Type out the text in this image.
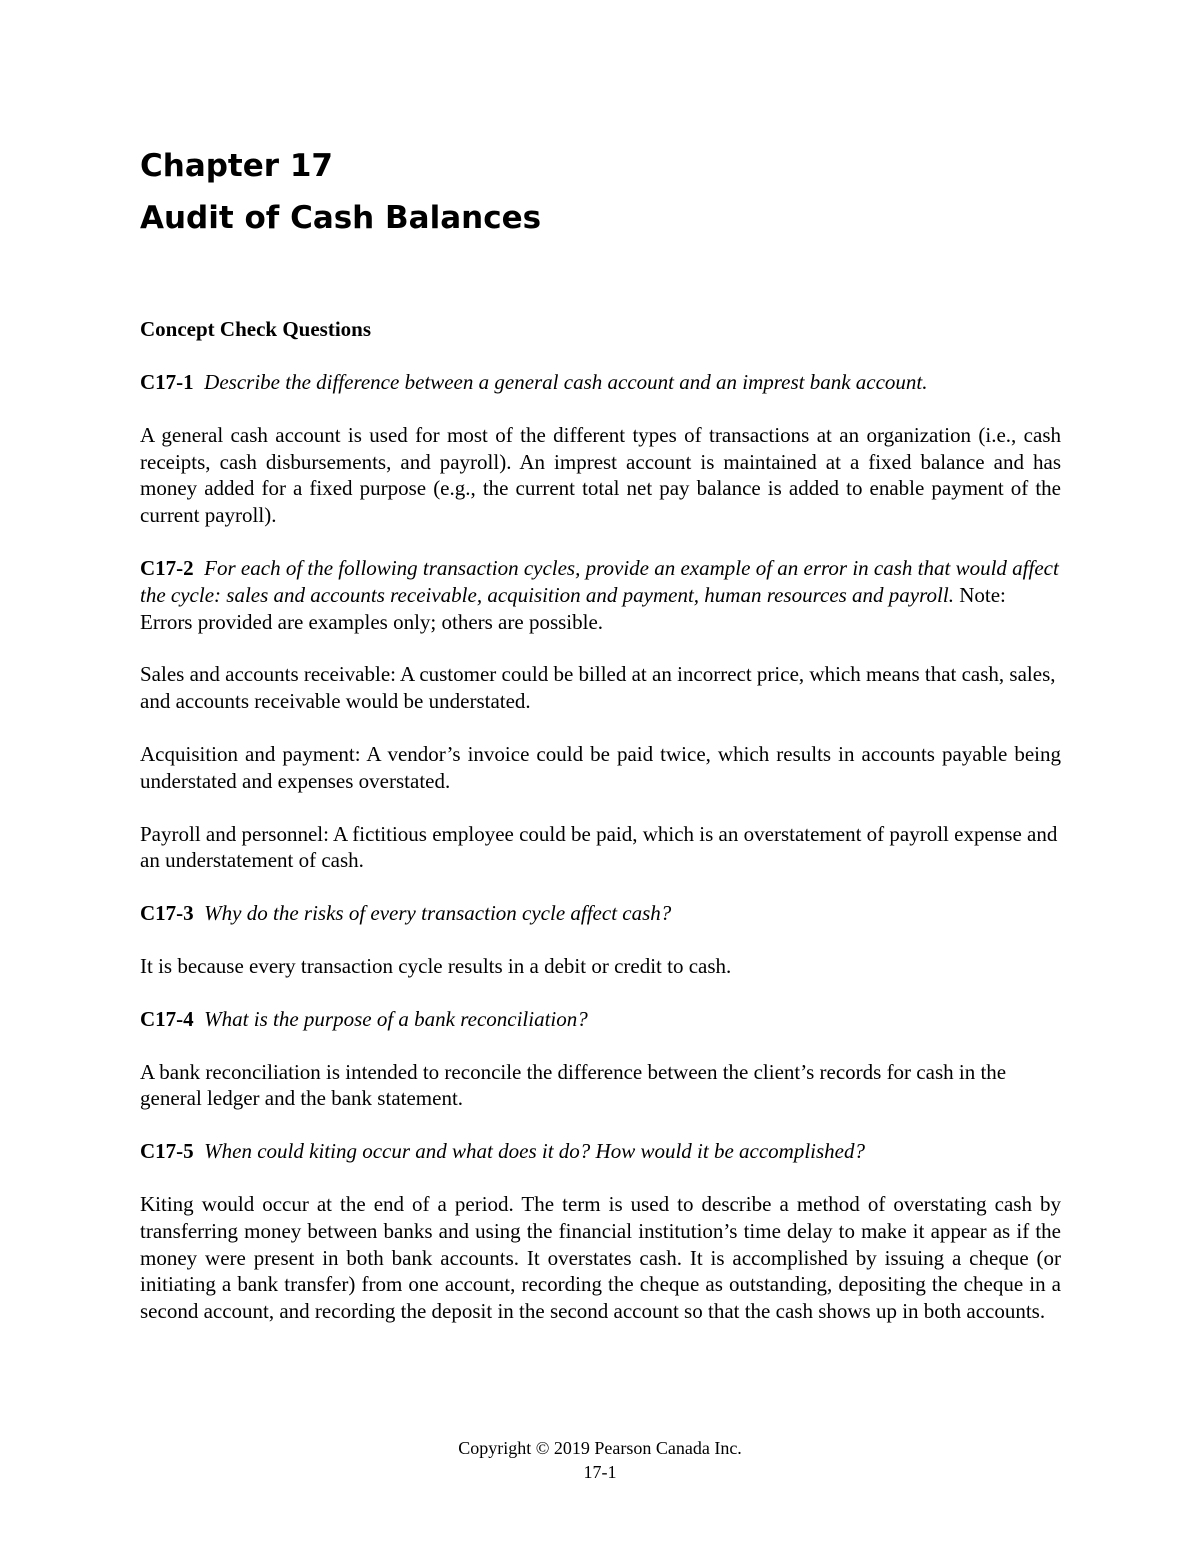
Chapter 17
Audit of Cash Balances

Concept Check Questions

C17-1 Describe the difference between a general cash account and an imprest bank account.

A general cash account is used for most of the different types of transactions at an organization (i.e., cash receipts, cash disbursements, and payroll). An imprest account is maintained at a fixed balance and has money added for a fixed purpose (e.g., the current total net pay balance is added to enable payment of the current payroll).

C17-2 For each of the following transaction cycles, provide an example of an error in cash that would affect the cycle: sales and accounts receivable, acquisition and payment, human resources and payroll. Note: Errors provided are examples only; others are possible.

Sales and accounts receivable: A customer could be billed at an incorrect price, which means that cash, sales, and accounts receivable would be understated.

Acquisition and payment: A vendor’s invoice could be paid twice, which results in accounts payable being understated and expenses overstated.

Payroll and personnel: A fictitious employee could be paid, which is an overstatement of payroll expense and an understatement of cash.

C17-3 Why do the risks of every transaction cycle affect cash?

It is because every transaction cycle results in a debit or credit to cash.

C17-4 What is the purpose of a bank reconciliation?

A bank reconciliation is intended to reconcile the difference between the client’s records for cash in the general ledger and the bank statement.

C17-5 When could kiting occur and what does it do? How would it be accomplished?

Kiting would occur at the end of a period. The term is used to describe a method of overstating cash by transferring money between banks and using the financial institution’s time delay to make it appear as if the money were present in both bank accounts. It overstates cash. It is accomplished by issuing a cheque (or initiating a bank transfer) from one account, recording the cheque as outstanding, depositing the cheque in a second account, and recording the deposit in the second account so that the cash shows up in both accounts.

Copyright © 2019 Pearson Canada Inc.
17-1
